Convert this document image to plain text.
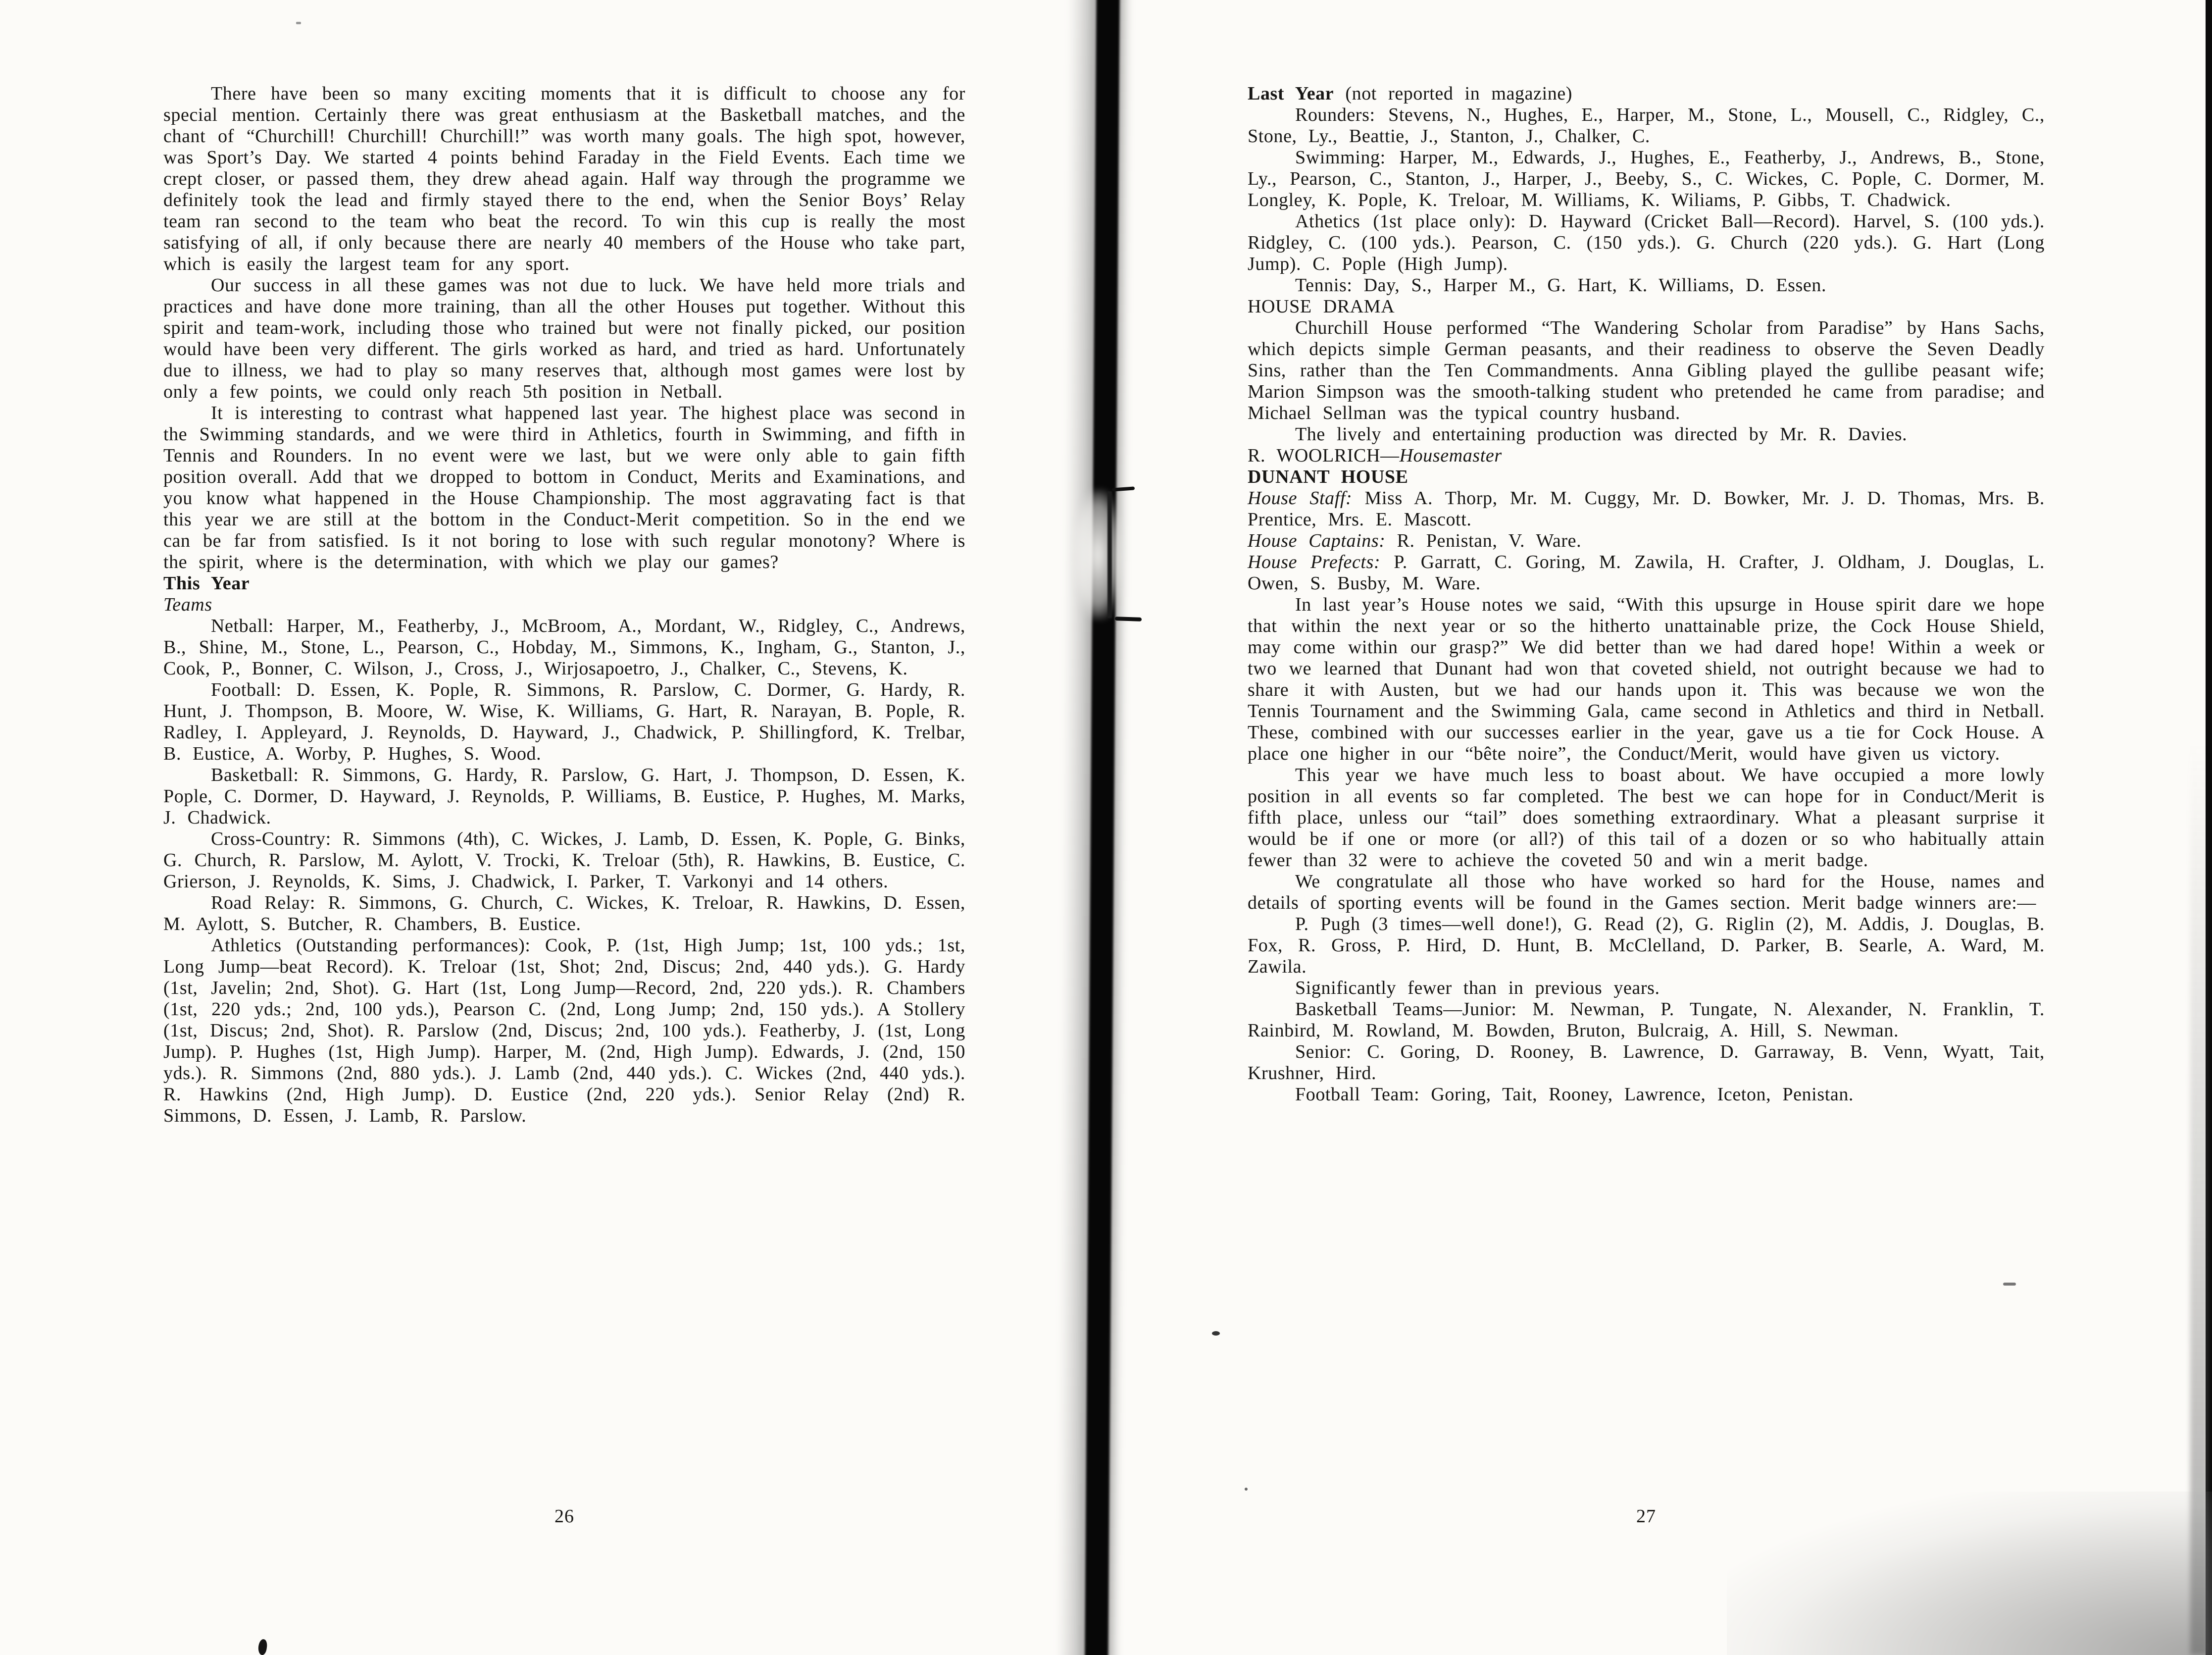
There have been so many exciting moments that it is difficult to choose any for special mention. Certainly there was great enthusiasm at the Basketball matches, and the chant of “Churchill! Churchill! Churchill!” was worth many goals. The high spot, however, was Sport’s Day. We started 4 points behind Faraday in the Field Events. Each time we crept closer, or passed them, they drew ahead again. Half way through the programme we definitely took the lead and firmly stayed there to the end, when the Senior Boys’ Relay team ran second to the team who beat the record. To win this cup is really the most satisfying of all, if only because there are nearly 40 members of the House who take part, which is easily the largest team for any sport.

Our success in all these games was not due to luck. We have held more trials and practices and have done more training, than all the other Houses put together. Without this spirit and team-work, including those who trained but were not finally picked, our position would have been very different. The girls worked as hard, and tried as hard. Unfortunately due to illness, we had to play so many reserves that, although most games were lost by only a few points, we could only reach 5th position in Netball.

It is interesting to contrast what happened last year. The highest place was second in the Swimming standards, and we were third in Athletics, fourth in Swimming, and fifth in Tennis and Rounders. In no event were we last, but we were only able to gain fifth position overall. Add that we dropped to bottom in Conduct, Merits and Examinations, and you know what happened in the House Championship. The most aggravating fact is that this year we are still at the bottom in the Conduct-Merit competition. So in the end we can be far from satisfied. Is it not boring to lose with such regular monotony? Where is the spirit, where is the determination, with which we play our games?

This Year

Teams

Netball: Harper, M., Featherby, J., McBroom, A., Mordant, W., Ridgley, C., Andrews, B., Shine, M., Stone, L., Pearson, C., Hobday, M., Simmons, K., Ingham, G., Stanton, J., Cook, P., Bonner, C. Wilson, J., Cross, J., Wirjosapoetro, J., Chalker, C., Stevens, K.

Football: D. Essen, K. Pople, R. Simmons, R. Parslow, C. Dormer, G. Hardy, R. Hunt, J. Thompson, B. Moore, W. Wise, K. Williams, G. Hart, R. Narayan, B. Pople, R. Radley, I. Appleyard, J. Reynolds, D. Hayward, J., Chadwick, P. Shillingford, K. Trelbar, B. Eustice, A. Worby, P. Hughes, S. Wood.

Basketball: R. Simmons, G. Hardy, R. Parslow, G. Hart, J. Thompson, D. Essen, K. Pople, C. Dormer, D. Hayward, J. Reynolds, P. Williams, B. Eustice, P. Hughes, M. Marks, J. Chadwick.

Cross-Country: R. Simmons (4th), C. Wickes, J. Lamb, D. Essen, K. Pople, G. Binks, G. Church, R. Parslow, M. Aylott, V. Trocki, K. Treloar (5th), R. Hawkins, B. Eustice, C. Grierson, J. Reynolds, K. Sims, J. Chadwick, I. Parker, T. Varkonyi and 14 others.

Road Relay: R. Simmons, G. Church, C. Wickes, K. Treloar, R. Hawkins, D. Essen, M. Aylott, S. Butcher, R. Chambers, B. Eustice.

Athletics (Outstanding performances): Cook, P. (1st, High Jump; 1st, 100 yds.; 1st, Long Jump—beat Record). K. Treloar (1st, Shot; 2nd, Discus; 2nd, 440 yds.). G. Hardy (1st, Javelin; 2nd, Shot). G. Hart (1st, Long Jump—Record, 2nd, 220 yds.). R. Chambers (1st, 220 yds.; 2nd, 100 yds.), Pearson C. (2nd, Long Jump; 2nd, 150 yds.). A Stollery (1st, Discus; 2nd, Shot). R. Parslow (2nd, Discus; 2nd, 100 yds.). Featherby, J. (1st, Long Jump). P. Hughes (1st, High Jump). Harper, M. (2nd, High Jump). Edwards, J. (2nd, 150 yds.). R. Simmons (2nd, 880 yds.). J. Lamb (2nd, 440 yds.). C. Wickes (2nd, 440 yds.). R. Hawkins (2nd, High Jump). D. Eustice (2nd, 220 yds.). Senior Relay (2nd) R. Simmons, D. Essen, J. Lamb, R. Parslow.

26

Last Year (not reported in magazine)

Rounders: Stevens, N., Hughes, E., Harper, M., Stone, L., Mousell, C., Ridgley, C., Stone, Ly., Beattie, J., Stanton, J., Chalker, C.

Swimming: Harper, M., Edwards, J., Hughes, E., Featherby, J., Andrews, B., Stone, Ly., Pearson, C., Stanton, J., Harper, J., Beeby, S., C. Wickes, C. Pople, C. Dormer, M. Longley, K. Pople, K. Treloar, M. Williams, K. Wiliams, P. Gibbs, T. Chadwick.

Athetics (1st place only): D. Hayward (Cricket Ball—Record). Harvel, S. (100 yds.). Ridgley, C. (100 yds.). Pearson, C. (150 yds.). G. Church (220 yds.). G. Hart (Long Jump). C. Pople (High Jump).

Tennis: Day, S., Harper M., G. Hart, K. Williams, D. Essen.

HOUSE DRAMA

Churchill House performed “The Wandering Scholar from Paradise” by Hans Sachs, which depicts simple German peasants, and their readiness to observe the Seven Deadly Sins, rather than the Ten Commandments. Anna Gibling played the gullibe peasant wife; Marion Simpson was the smooth-talking student who pretended he came from paradise; and Michael Sellman was the typical country husband.

The lively and entertaining production was directed by Mr. R. Davies.

R. WOOLRICH—Housemaster

DUNANT HOUSE

House Staff: Miss A. Thorp, Mr. M. Cuggy, Mr. D. Bowker, Mr. J. D. Thomas, Mrs. B. Prentice, Mrs. E. Mascott.

House Captains: R. Penistan, V. Ware.

House Prefects: P. Garratt, C. Goring, M. Zawila, H. Crafter, J. Oldham, J. Douglas, L. Owen, S. Busby, M. Ware.

In last year’s House notes we said, “With this upsurge in House spirit dare we hope that within the next year or so the hitherto unattainable prize, the Cock House Shield, may come within our grasp?” We did better than we had dared hope! Within a week or two we learned that Dunant had won that coveted shield, not outright because we had to share it with Austen, but we had our hands upon it. This was because we won the Tennis Tournament and the Swimming Gala, came second in Athletics and third in Netball. These, combined with our successes earlier in the year, gave us a tie for Cock House. A place one higher in our “bête noire”, the Conduct/Merit, would have given us victory.

This year we have much less to boast about. We have occupied a more lowly position in all events so far completed. The best we can hope for in Conduct/Merit is fifth place, unless our “tail” does something extraordinary. What a pleasant surprise it would be if one or more (or all?) of this tail of a dozen or so who habitually attain fewer than 32 were to achieve the coveted 50 and win a merit badge.

We congratulate all those who have worked so hard for the House, names and details of sporting events will be found in the Games section. Merit badge winners are:—

P. Pugh (3 times—well done!), G. Read (2), G. Riglin (2), M. Addis, J. Douglas, B. Fox, R. Gross, P. Hird, D. Hunt, B. McClelland, D. Parker, B. Searle, A. Ward, M. Zawila.

Significantly fewer than in previous years.

Basketball Teams—Junior: M. Newman, P. Tungate, N. Alexander, N. Franklin, T. Rainbird, M. Rowland, M. Bowden, Bruton, Bulcraig, A. Hill, S. Newman.

Senior: C. Goring, D. Rooney, B. Lawrence, D. Garraway, B. Venn, Wyatt, Tait, Krushner, Hird.

Football Team: Goring, Tait, Rooney, Lawrence, Iceton, Penistan.

27
